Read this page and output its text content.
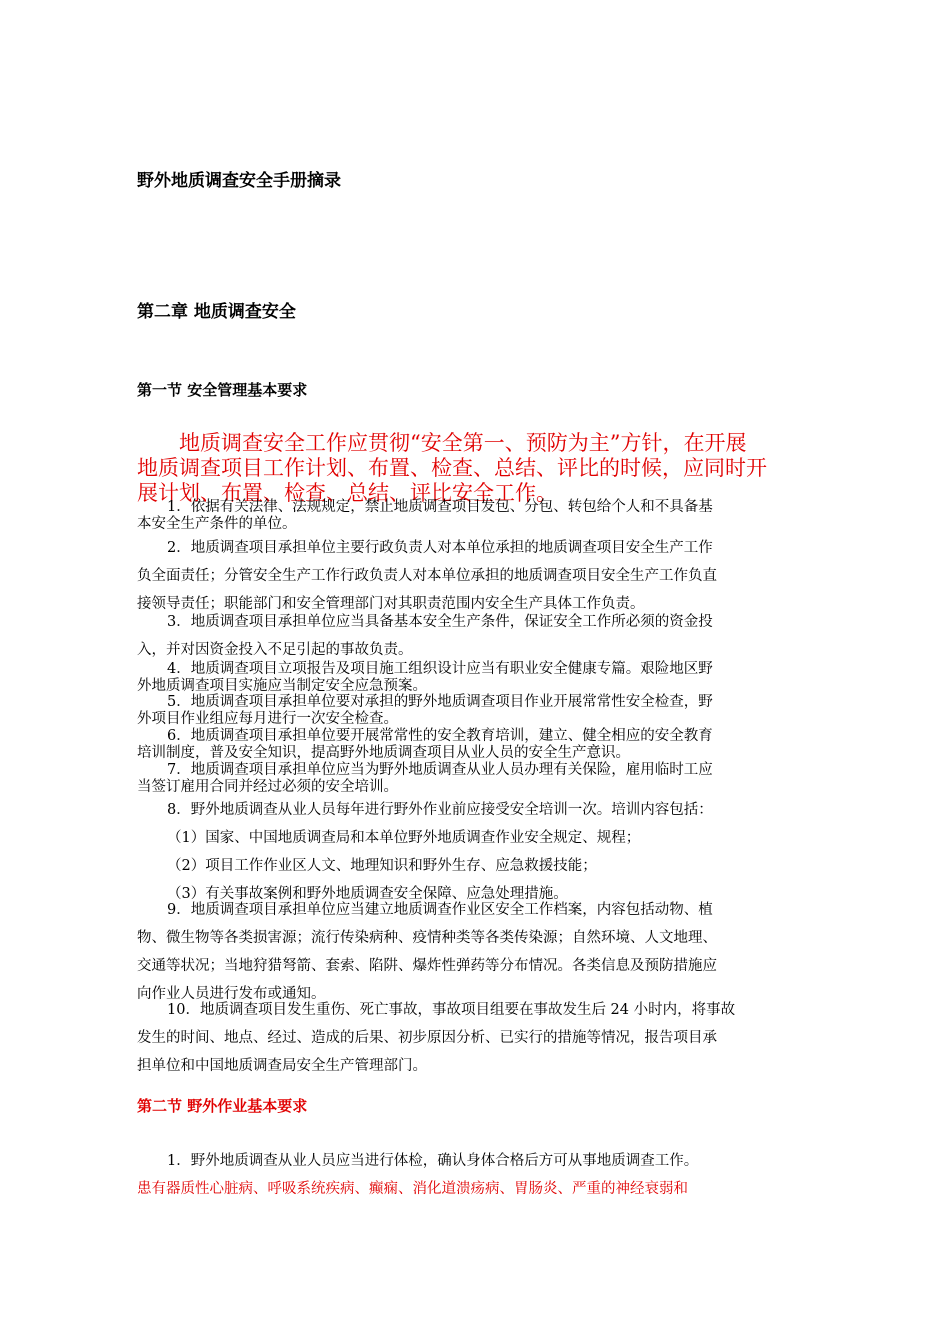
野外地质调查安全手册摘录
第二章 地质调查安全
第一节 安全管理基本要求
地质调查安全工作应贯彻“安全第一、预防为主”方针，在开展
地质调查项目工作计划、布置、检查、总结、评比的时候，应同时开
展计划、布置、检查、总结、评比安全工作。
1．依据有关法律、法规规定，禁止地质调查项目发包、分包、转包给个人和不具备基
本安全生产条件的单位。
2．地质调查项目承担单位主要行政负责人对本单位承担的地质调查项目安全生产工作
负全面责任；分管安全生产工作行政负责人对本单位承担的地质调查项目安全生产工作负直
接领导责任；职能部门和安全管理部门对其职责范围内安全生产具体工作负责。
3．地质调查项目承担单位应当具备基本安全生产条件，保证安全工作所必须的资金投
入，并对因资金投入不足引起的事故负责。
4．地质调查项目立项报告及项目施工组织设计应当有职业安全健康专篇。艰险地区野
外地质调查项目实施应当制定安全应急预案。
5．地质调查项目承担单位要对承担的野外地质调查项目作业开展常常性安全检查，野
外项目作业组应每月进行一次安全检查。
6．地质调查项目承担单位要开展常常性的安全教育培训，建立、健全相应的安全教育
培训制度，普及安全知识，提高野外地质调查项目从业人员的安全生产意识。
7．地质调查项目承担单位应当为野外地质调查从业人员办理有关保险，雇用临时工应
当签订雇用合同并经过必须的安全培训。
8．野外地质调查从业人员每年进行野外作业前应接受安全培训一次。培训内容包括：
（1）国家、中国地质调查局和本单位野外地质调查作业安全规定、规程；
（2）项目工作作业区人文、地理知识和野外生存、应急救援技能；
（3）有关事故案例和野外地质调查安全保障、应急处理措施。
9．地质调查项目承担单位应当建立地质调查作业区安全工作档案，内容包括动物、植
物、微生物等各类损害源；流行传染病种、疫情种类等各类传染源；自然环境、人文地理、
交通等状况；当地狩猎弩箭、套索、陷阱、爆炸性弹药等分布情况。各类信息及预防措施应
向作业人员进行发布或通知。
10．地质调查项目发生重伤、死亡事故，事故项目组要在事故发生后 24 小时内，将事故
发生的时间、地点、经过、造成的后果、初步原因分析、已实行的措施等情况，报告项目承
担单位和中国地质调查局安全生产管理部门。
第二节 野外作业基本要求
1．野外地质调查从业人员应当进行体检，确认身体合格后方可从事地质调查工作。
患有器质性心脏病、呼吸系统疾病、癫痫、消化道溃疡病、胃肠炎、严重的神经衰弱和
